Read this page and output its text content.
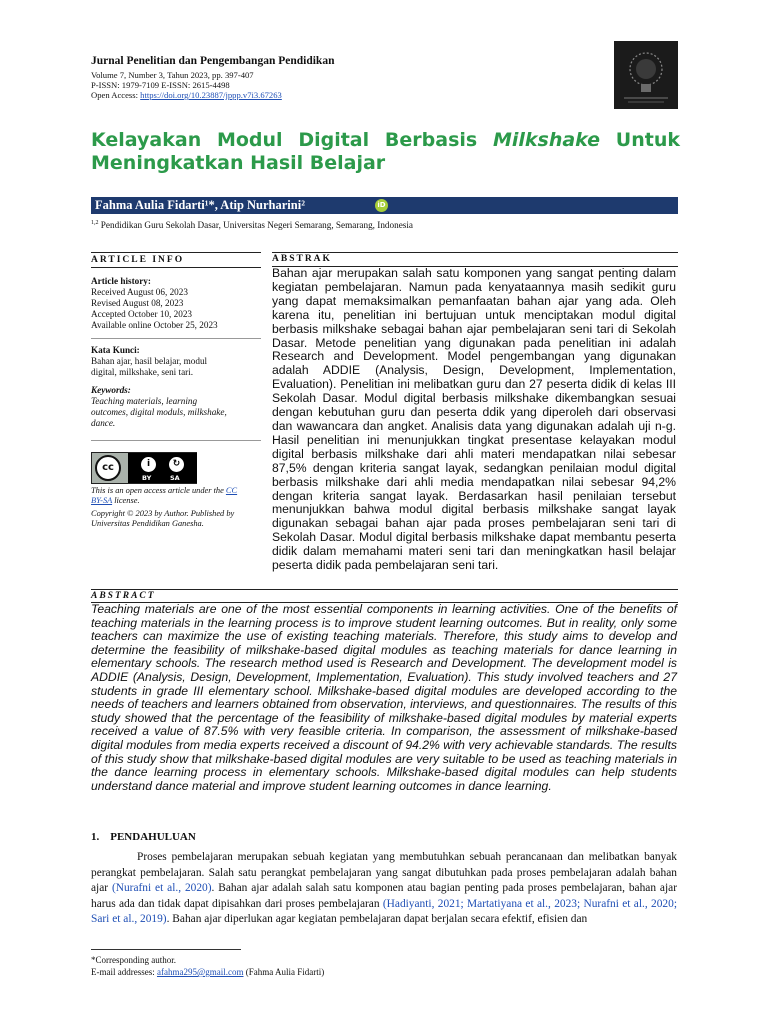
Jurnal Penelitian dan Pengembangan Pendidikan
Volume 7, Number 3, Tahun 2023, pp. 397-407
P-ISSN: 1979-7109 E-ISSN: 2615-4498
Open Access: https://doi.org/10.23887/jppp.v7i3.67263
Kelayakan Modul Digital Berbasis Milkshake Untuk
Meningkatkan Hasil Belajar
Fahma Aulia Fidarti¹*, Atip Nurharini²	iD
$^{1,2}$ Pendidikan Guru Sekolah Dasar, Universitas Negeri Semarang, Semarang, Indonesia
ARTICLE INFO	ABSTRAK
Article history:
Received August 06, 2023
Revised August 08, 2023
Accepted October 10, 2023
Available online October 25, 2023
Kata Kunci:
Bahan ajar, hasil belajar, modul
digital, milkshake, seni tari.
Keywords:
Teaching materials, learning
outcomes, digital moduls, milkshake,
dance.
cc	i	↻
BY	SA
This is an open access article under the CC
BY-SA license.
Copyright © 2023 by Author. Published by
Universitas Pendidikan Ganesha.
Bahan ajar merupakan salah satu komponen yang sangat penting dalam kegiatan pembelajaran. Namun pada kenyataannya masih sedikit guru yang dapat memaksimalkan pemanfaatan bahan ajar yang ada. Oleh karena itu, penelitian ini bertujuan untuk menciptakan modul digital berbasis milkshake sebagai bahan ajar pembelajaran seni tari di Sekolah Dasar. Metode penelitian yang digunakan pada penelitian ini adalah Research and Development. Model pengembangan yang digunakan adalah ADDIE (Analysis, Design, Development, Implementation, Evaluation). Penelitian ini melibatkan guru dan 27 peserta didik di kelas III Sekolah Dasar. Modul digital berbasis milkshake dikembangkan sesuai dengan kebutuhan guru dan peserta ddik yang diperoleh dari observasi dan wawancara dan angket. Analisis data yang digunakan adalah uji n-g. Hasil penelitian ini menunjukkan tingkat presentase kelayakan modul digital berbasis milkshake dari ahli materi mendapatkan nilai sebesar 87,5% dengan kriteria sangat layak, sedangkan penilaian modul digital berbasis milkshake dari ahli media mendapatkan nilai sebesar 94,2% dengan kriteria sangat layak. Berdasarkan hasil penilaian tersebut menunjukkan bahwa modul digital berbasis milkshake sangat layak digunakan sebagai bahan ajar pada proses pembelajaran seni tari di Sekolah Dasar. Modul digital berbasis milkshake dapat membantu peserta didik dalam memahami materi seni tari dan meningkatkan hasil belajar peserta didik pada pembelajaran seni tari.
ABSTRACT
Teaching materials are one of the most essential components in learning activities. One of the benefits of teaching materials in the learning process is to improve student learning outcomes. But in reality, only some teachers can maximize the use of existing teaching materials. Therefore, this study aims to develop and determine the feasibility of milkshake-based digital modules as teaching materials for dance learning in elementary schools. The research method used is Research and Development. The development model is ADDIE (Analysis, Design, Development, Implementation, Evaluation). This study involved teachers and 27 students in grade III elementary school. Milkshake-based digital modules are developed according to the needs of teachers and learners obtained from observation, interviews, and questionnaires. The results of this study showed that the percentage of the feasibility of milkshake-based digital modules by material experts received a value of 87.5% with very feasible criteria. In comparison, the assessment of milkshake-based digital modules from media experts received a discount of 94.2% with very achievable standards. The results of this study show that milkshake-based digital modules are very suitable to be used as teaching materials in the dance learning process in elementary schools. Milkshake-based digital modules can help students understand dance material and improve student learning outcomes in dance learning.
1.    PENDAHULUAN
Proses pembelajaran merupakan sebuah kegiatan yang membutuhkan sebuah perancanaan dan melibatkan banyak perangkat pembelajaran. Salah satu perangkat pembelajaran yang sangat dibutuhkan pada proses pembelajaran adalah bahan ajar (Nurafni et al., 2020). Bahan ajar adalah salah satu komponen atau bagian penting pada proses pembelajaran, bahan ajar harus ada dan tidak dapat dipisahkan dari proses pembelajaran (Hadiyanti, 2021; Martatiyana et al., 2023; Nurafni et al., 2020; Sari et al., 2019). Bahan ajar diperlukan agar kegiatan pembelajaran dapat berjalan secara efektif, efisien dan
*Corresponding author.
E-mail addresses: afahma295@gmail.com (Fahma Aulia Fidarti)
